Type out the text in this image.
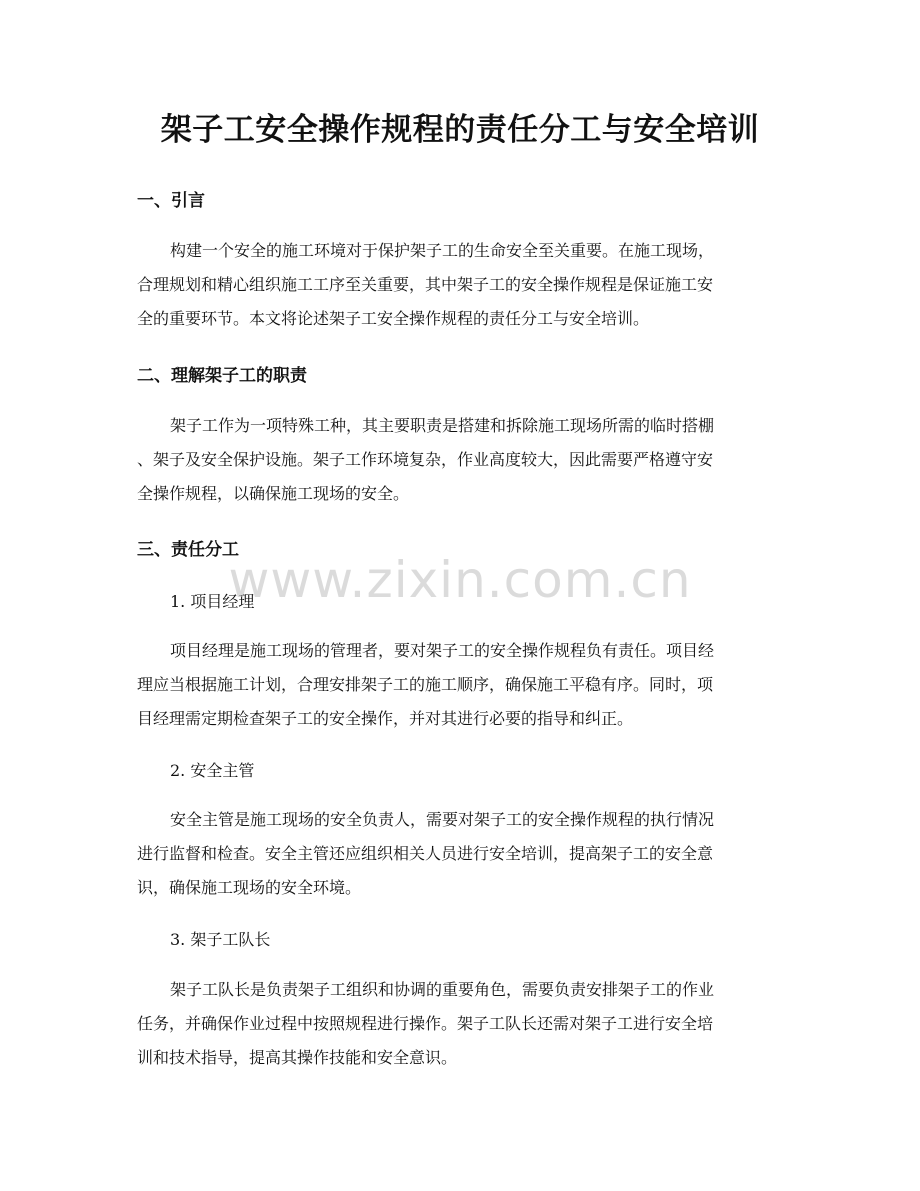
架子工安全操作规程的责任分工与安全培训
一、引言

构建一个安全的施工环境对于保护架子工的生命安全至关重要。在施工现场，
合理规划和精心组织施工工序至关重要，其中架子工的安全操作规程是保证施工安
全的重要环节。本文将论述架子工安全操作规程的责任分工与安全培训。

二、理解架子工的职责

架子工作为一项特殊工种，其主要职责是搭建和拆除施工现场所需的临时搭棚
、架子及安全保护设施。架子工作环境复杂，作业高度较大，因此需要严格遵守安
全操作规程，以确保施工现场的安全。

三、责任分工
1. 项目经理

项目经理是施工现场的管理者，要对架子工的安全操作规程负有责任。项目经
理应当根据施工计划，合理安排架子工的施工顺序，确保施工平稳有序。同时，项
目经理需定期检查架子工的安全操作，并对其进行必要的指导和纠正。

2. 安全主管

安全主管是施工现场的安全负责人，需要对架子工的安全操作规程的执行情况
进行监督和检查。安全主管还应组织相关人员进行安全培训，提高架子工的安全意
识，确保施工现场的安全环境。

3. 架子工队长

架子工队长是负责架子工组织和协调的重要角色，需要负责安排架子工的作业
任务，并确保作业过程中按照规程进行操作。架子工队长还需对架子工进行安全培
训和技术指导，提高其操作技能和安全意识。

www.zixin.com.cn
